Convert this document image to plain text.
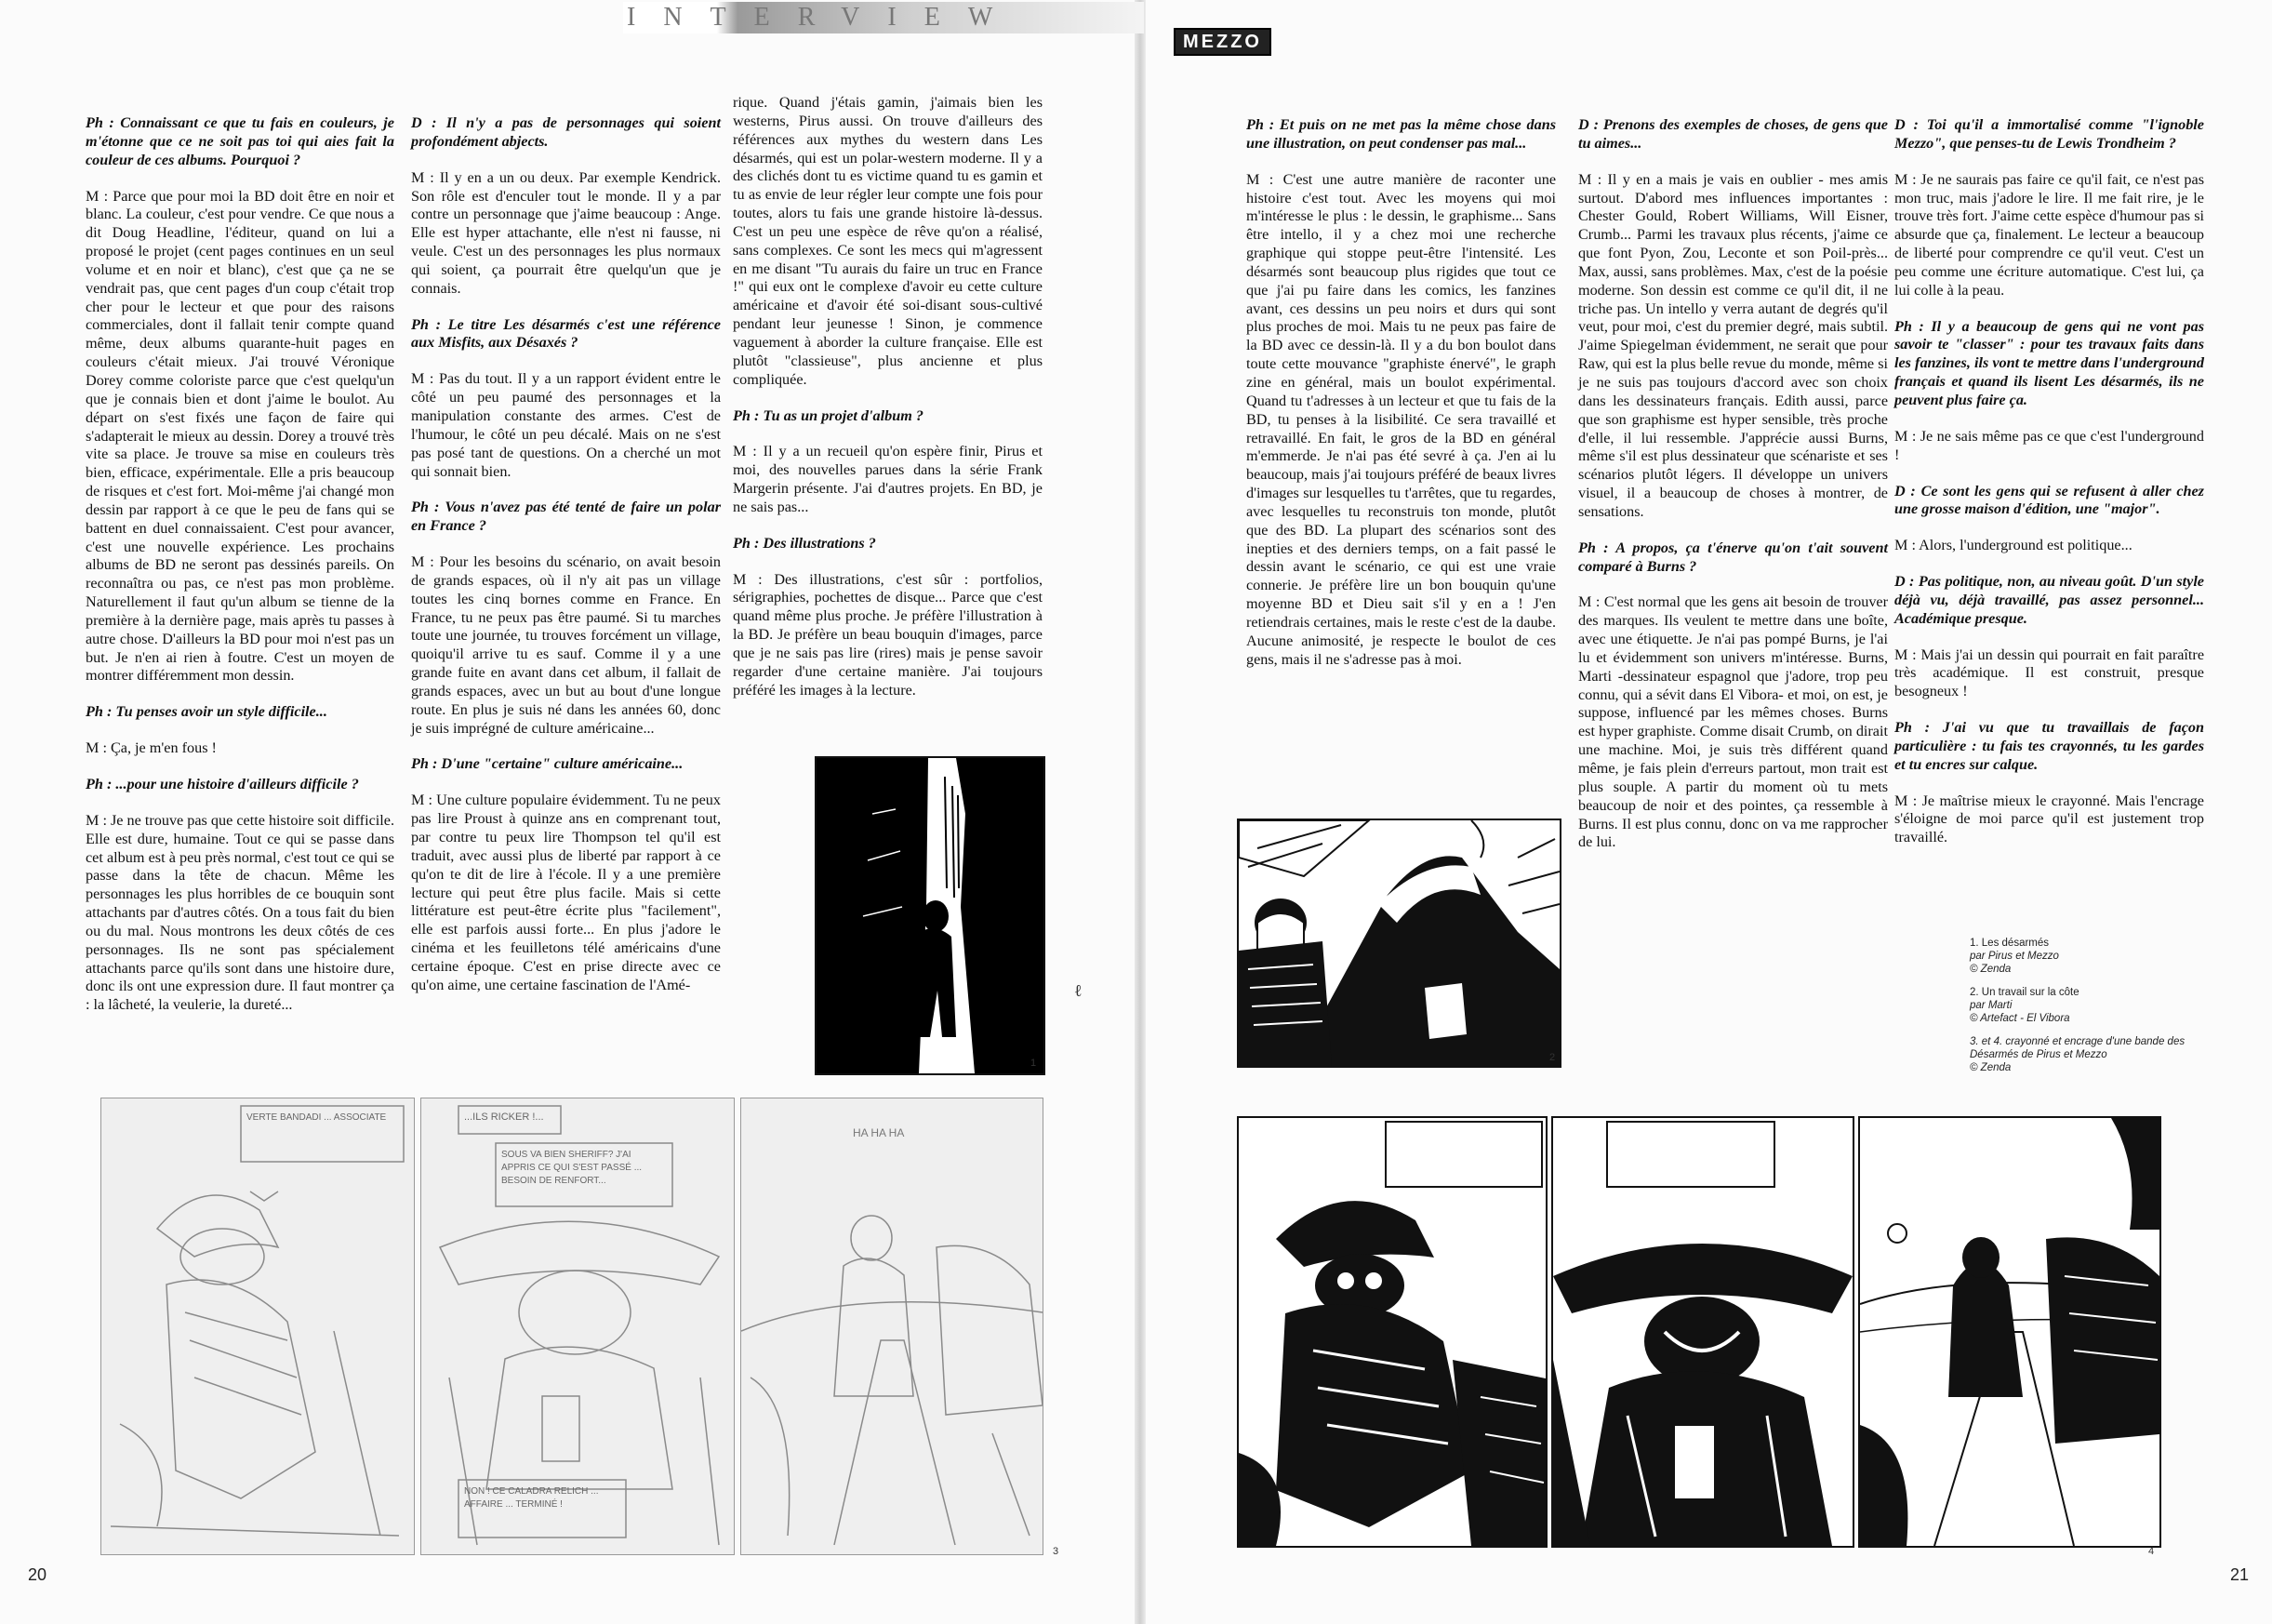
INTERVIEW
MEZZO

Ph : Connaissant ce que tu fais en couleurs, je m'étonne que ce ne soit pas toi qui aies fait la couleur de ces albums. Pourquoi ?

M : Parce que pour moi la BD doit être en noir et blanc. La couleur, c'est pour vendre. Ce que nous a dit Doug Headline, l'éditeur, quand on lui a proposé le projet (cent pages continues en un seul volume et en noir et blanc), c'est que ça ne se vendrait pas, que cent pages d'un coup c'était trop cher pour le lecteur et que pour des raisons commerciales, dont il fallait tenir compte quand même, deux albums quarante-huit pages en couleurs c'était mieux. J'ai trouvé Véronique Dorey comme coloriste parce que c'est quelqu'un que je connais bien et dont j'aime le boulot. Au départ on s'est fixés une façon de faire qui s'adapterait le mieux au dessin. Dorey a trouvé très vite sa place. Je trouve sa mise en couleurs très bien, efficace, expérimentale. Elle a pris beaucoup de risques et c'est fort. Moi-même j'ai changé mon dessin par rapport à ce que le peu de fans qui se battent en duel connaissaient. C'est pour avancer, c'est une nouvelle expérience. Les prochains albums de BD ne seront pas dessinés pareils. On reconnaîtra ou pas, ce n'est pas mon problème. Naturellement il faut qu'un album se tienne de la première à la dernière page, mais après tu passes à autre chose. D'ailleurs la BD pour moi n'est pas un but. Je n'en ai rien à foutre. C'est un moyen de montrer différemment mon dessin.

Ph : Tu penses avoir un style difficile...

M : Ça, je m'en fous !

Ph : ...pour une histoire d'ailleurs difficile ?

M : Je ne trouve pas que cette histoire soit difficile. Elle est dure, humaine. Tout ce qui se passe dans cet album est à peu près normal, c'est tout ce qui se passe dans la tête de chacun. Même les personnages les plus horribles de ce bouquin sont attachants par d'autres côtés. On a tous fait du bien ou du mal. Nous montrons les deux côtés de ces personnages. Ils ne sont pas spécialement attachants parce qu'ils sont dans une histoire dure, donc ils ont une expression dure. Il faut montrer ça : la lâcheté, la veulerie, la dureté...

D : Il n'y a pas de personnages qui soient profondément abjects.

M : Il y en a un ou deux. Par exemple Kendrick. Son rôle est d'enculer tout le monde. Il y a par contre un personnage que j'aime beaucoup : Ange. Elle est hyper attachante, elle n'est ni fausse, ni veule. C'est un des personnages les plus normaux qui soient, ça pourrait être quelqu'un que je connais.

Ph : Le titre Les désarmés c'est une référence aux Misfits, aux Désaxés ?

M : Pas du tout. Il y a un rapport évident entre le côté un peu paumé des personnages et la manipulation constante des armes. C'est de l'humour, le côté un peu décalé. Mais on ne s'est pas posé tant de questions. On a cherché un mot qui sonnait bien.

Ph : Vous n'avez pas été tenté de faire un polar en France ?

M : Pour les besoins du scénario, on avait besoin de grands espaces, où il n'y ait pas un village toutes les cinq bornes comme en France. En France, tu ne peux pas être paumé. Si tu marches toute une journée, tu trouves forcément un village, quoiqu'il arrive tu es sauf. Comme il y a une grande fuite en avant dans cet album, il fallait de grands espaces, avec un but au bout d'une longue route. En plus je suis né dans les années 60, donc je suis imprégné de culture américaine...

Ph : D'une "certaine" culture américaine...

M : Une culture populaire évidemment. Tu ne peux pas lire Proust à quinze ans en comprenant tout, par contre tu peux lire Thompson tel qu'il est traduit, avec aussi plus de liberté par rapport à ce qu'on te dit de lire à l'école. Il y a une première lecture qui peut être plus facile. Mais si cette littérature est peut-être écrite plus "facilement", elle est parfois aussi forte... En plus j'adore le cinéma et les feuilletons télé américains d'une certaine époque. C'est en prise directe avec ce qu'on aime, une certaine fascination de l'Amé-

rique. Quand j'étais gamin, j'aimais bien les westerns, Pirus aussi. On trouve d'ailleurs des références aux mythes du western dans Les désarmés, qui est un polar-western moderne. Il y a des clichés dont tu es victime quand tu es gamin et tu as envie de leur régler leur compte une fois pour toutes, alors tu fais une grande histoire là-dessus. C'est un peu une espèce de rêve qu'on a réalisé, sans complexes. Ce sont les mecs qui m'agressent en me disant "Tu aurais du faire un truc en France !" qui eux ont le complexe d'avoir eu cette culture américaine et d'avoir été soi-disant sous-cultivé pendant leur jeunesse ! Sinon, je commence vaguement à aborder la culture française. Elle est plutôt "classieuse", plus ancienne et plus compliquée.

Ph : Tu as un projet d'album ?

M : Il y a un recueil qu'on espère finir, Pirus et moi, des nouvelles parues dans la série Frank Margerin présente. J'ai d'autres projets. En BD, je ne sais pas...

Ph : Des illustrations ?

M : Des illustrations, c'est sûr : portfolios, sérigraphies, pochettes de disque... Parce que c'est quand même plus proche. Je préfère l'illustration à la BD. Je préfère un beau bouquin d'images, parce que je ne sais pas lire (rires) mais je pense savoir regarder d'une certaine manière. J'ai toujours préféré les images à la lecture.

Ph : Et puis on ne met pas la même chose dans une illustration, on peut condenser pas mal...

M : C'est une autre manière de raconter une histoire c'est tout. Avec les moyens qui moi m'intéresse le plus : le dessin, le graphisme... Sans être intello, il y a chez moi une recherche graphique qui stoppe peut-être l'intensité. Les désarmés sont beaucoup plus rigides que tout ce que j'ai pu faire dans les comics, les fanzines avant, ces dessins un peu noirs et durs qui sont plus proches de moi. Mais tu ne peux pas faire de la BD avec ce dessin-là. Il y a du bon boulot dans toute cette mouvance "graphiste énervé", le graph zine en général, mais un boulot expérimental. Quand tu t'adresses à un lecteur et que tu fais de la BD, tu penses à la lisibilité. Ce sera travaillé et retravaillé. En fait, le gros de la BD en général m'emmerde. Je n'ai pas été sevré à ça. J'en ai lu beaucoup, mais j'ai toujours préféré de beaux livres d'images sur lesquelles tu t'arrêtes, que tu regardes, avec lesquelles tu reconstruis ton monde, plutôt que des BD. La plupart des scénarios sont des inepties et des derniers temps, on a fait passé le dessin avant le scénario, ce qui est une vraie connerie. Je préfère lire un bon bouquin qu'une moyenne BD et Dieu sait s'il y en a ! J'en retiendrais certaines, mais le reste c'est de la daube. Aucune animosité, je respecte le boulot de ces gens, mais il ne s'adresse pas à moi.

D : Prenons des exemples de choses, de gens que tu aimes...

M : Il y en a mais je vais en oublier - mes amis surtout. D'abord mes influences importantes : Chester Gould, Robert Williams, Will Eisner, Crumb... Parmi les travaux plus récents, j'aime ce que font Pyon, Zou, Leconte et son Poil-près... Max, aussi, sans problèmes. Max, c'est de la poésie moderne. Son dessin est comme ce qu'il dit, il ne triche pas. Un intello y verra autant de degrés qu'il veut, pour moi, c'est du premier degré, mais subtil. J'aime Spiegelman évidemment, ne serait que pour Raw, qui est la plus belle revue du monde, même si je ne suis pas toujours d'accord avec son choix dans les dessinateurs français. Edith aussi, parce que son graphisme est hyper sensible, très proche d'elle, il lui ressemble. J'apprécie aussi Burns, même s'il est plus dessinateur que scénariste et ses scénarios plutôt légers. Il développe un univers visuel, il a beaucoup de choses à montrer, de sensations.

Ph : A propos, ça t'énerve qu'on t'ait souvent comparé à Burns ?

M : C'est normal que les gens ait besoin de trouver des marques. Ils veulent te mettre dans une boîte, avec une étiquette. Je n'ai pas pompé Burns, je l'ai lu et évidemment son univers m'intéresse. Burns, Marti -dessinateur espagnol que j'adore, trop peu connu, qui a sévit dans El Vibora- et moi, on est, je suppose, influencé par les mêmes choses. Burns est hyper graphiste. Comme disait Crumb, on dirait une machine. Moi, je suis très différent quand même, je fais plein d'erreurs partout, mon trait est plus souple. A partir du moment où tu mets beaucoup de noir et des pointes, ça ressemble à Burns. Il est plus connu, donc on va me rapprocher de lui.

D : Toi qu'il a immortalisé comme "l'ignoble Mezzo", que penses-tu de Lewis Trondheim ?

M : Je ne saurais pas faire ce qu'il fait, ce n'est pas mon truc, mais j'adore le lire. Il me fait rire, je le trouve très fort. J'aime cette espèce d'humour pas si absurde que ça, finalement. Le lecteur a beaucoup de liberté pour comprendre ce qu'il veut. C'est un peu comme une écriture automatique. C'est lui, ça lui colle à la peau.

Ph : Il y a beaucoup de gens qui ne vont pas savoir te "classer" : pour tes travaux faits dans les fanzines, ils vont te mettre dans l'underground français et quand ils lisent Les désarmés, ils ne peuvent plus faire ça.

M : Je ne sais même pas ce que c'est l'underground !

D : Ce sont les gens qui se refusent à aller chez une grosse maison d'édition, une "major".

M : Alors, l'underground est politique...

D : Pas politique, non, au niveau goût. D'un style déjà vu, déjà travaillé, pas assez personnel... Académique presque.

M : Mais j'ai un dessin qui pourrait en fait paraître très académique. Il est construit, presque besogneux !

Ph : J'ai vu que tu travaillais de façon particulière : tu fais tes crayonnés, tu les gardes et tu encres sur calque.

M : Je maîtrise mieux le crayonné. Mais l'encrage s'éloigne de moi parce qu'il est justement trop travaillé.

ℓ
1	2
VERTE BANDADI ... ASSOCIATE	...ILS RICKER !...
SOUS VA BIEN SHERIFF? J'AI APPRIS CE QUI S'EST PASSÉ ... BESOIN DE RENFORT...
NON ! CE CALADRA RELICH ... AFFAIRE ... TERMINÉ !
HA HA HA
3	4
1. Les désarmés
par Pirus et Mezzo
© Zenda
2. Un travail sur la côte
par Marti
© Artefact - El Vibora
3. et 4. crayonné et encrage d'une bande des Désarmés de Pirus et Mezzo
© Zenda
20	21
